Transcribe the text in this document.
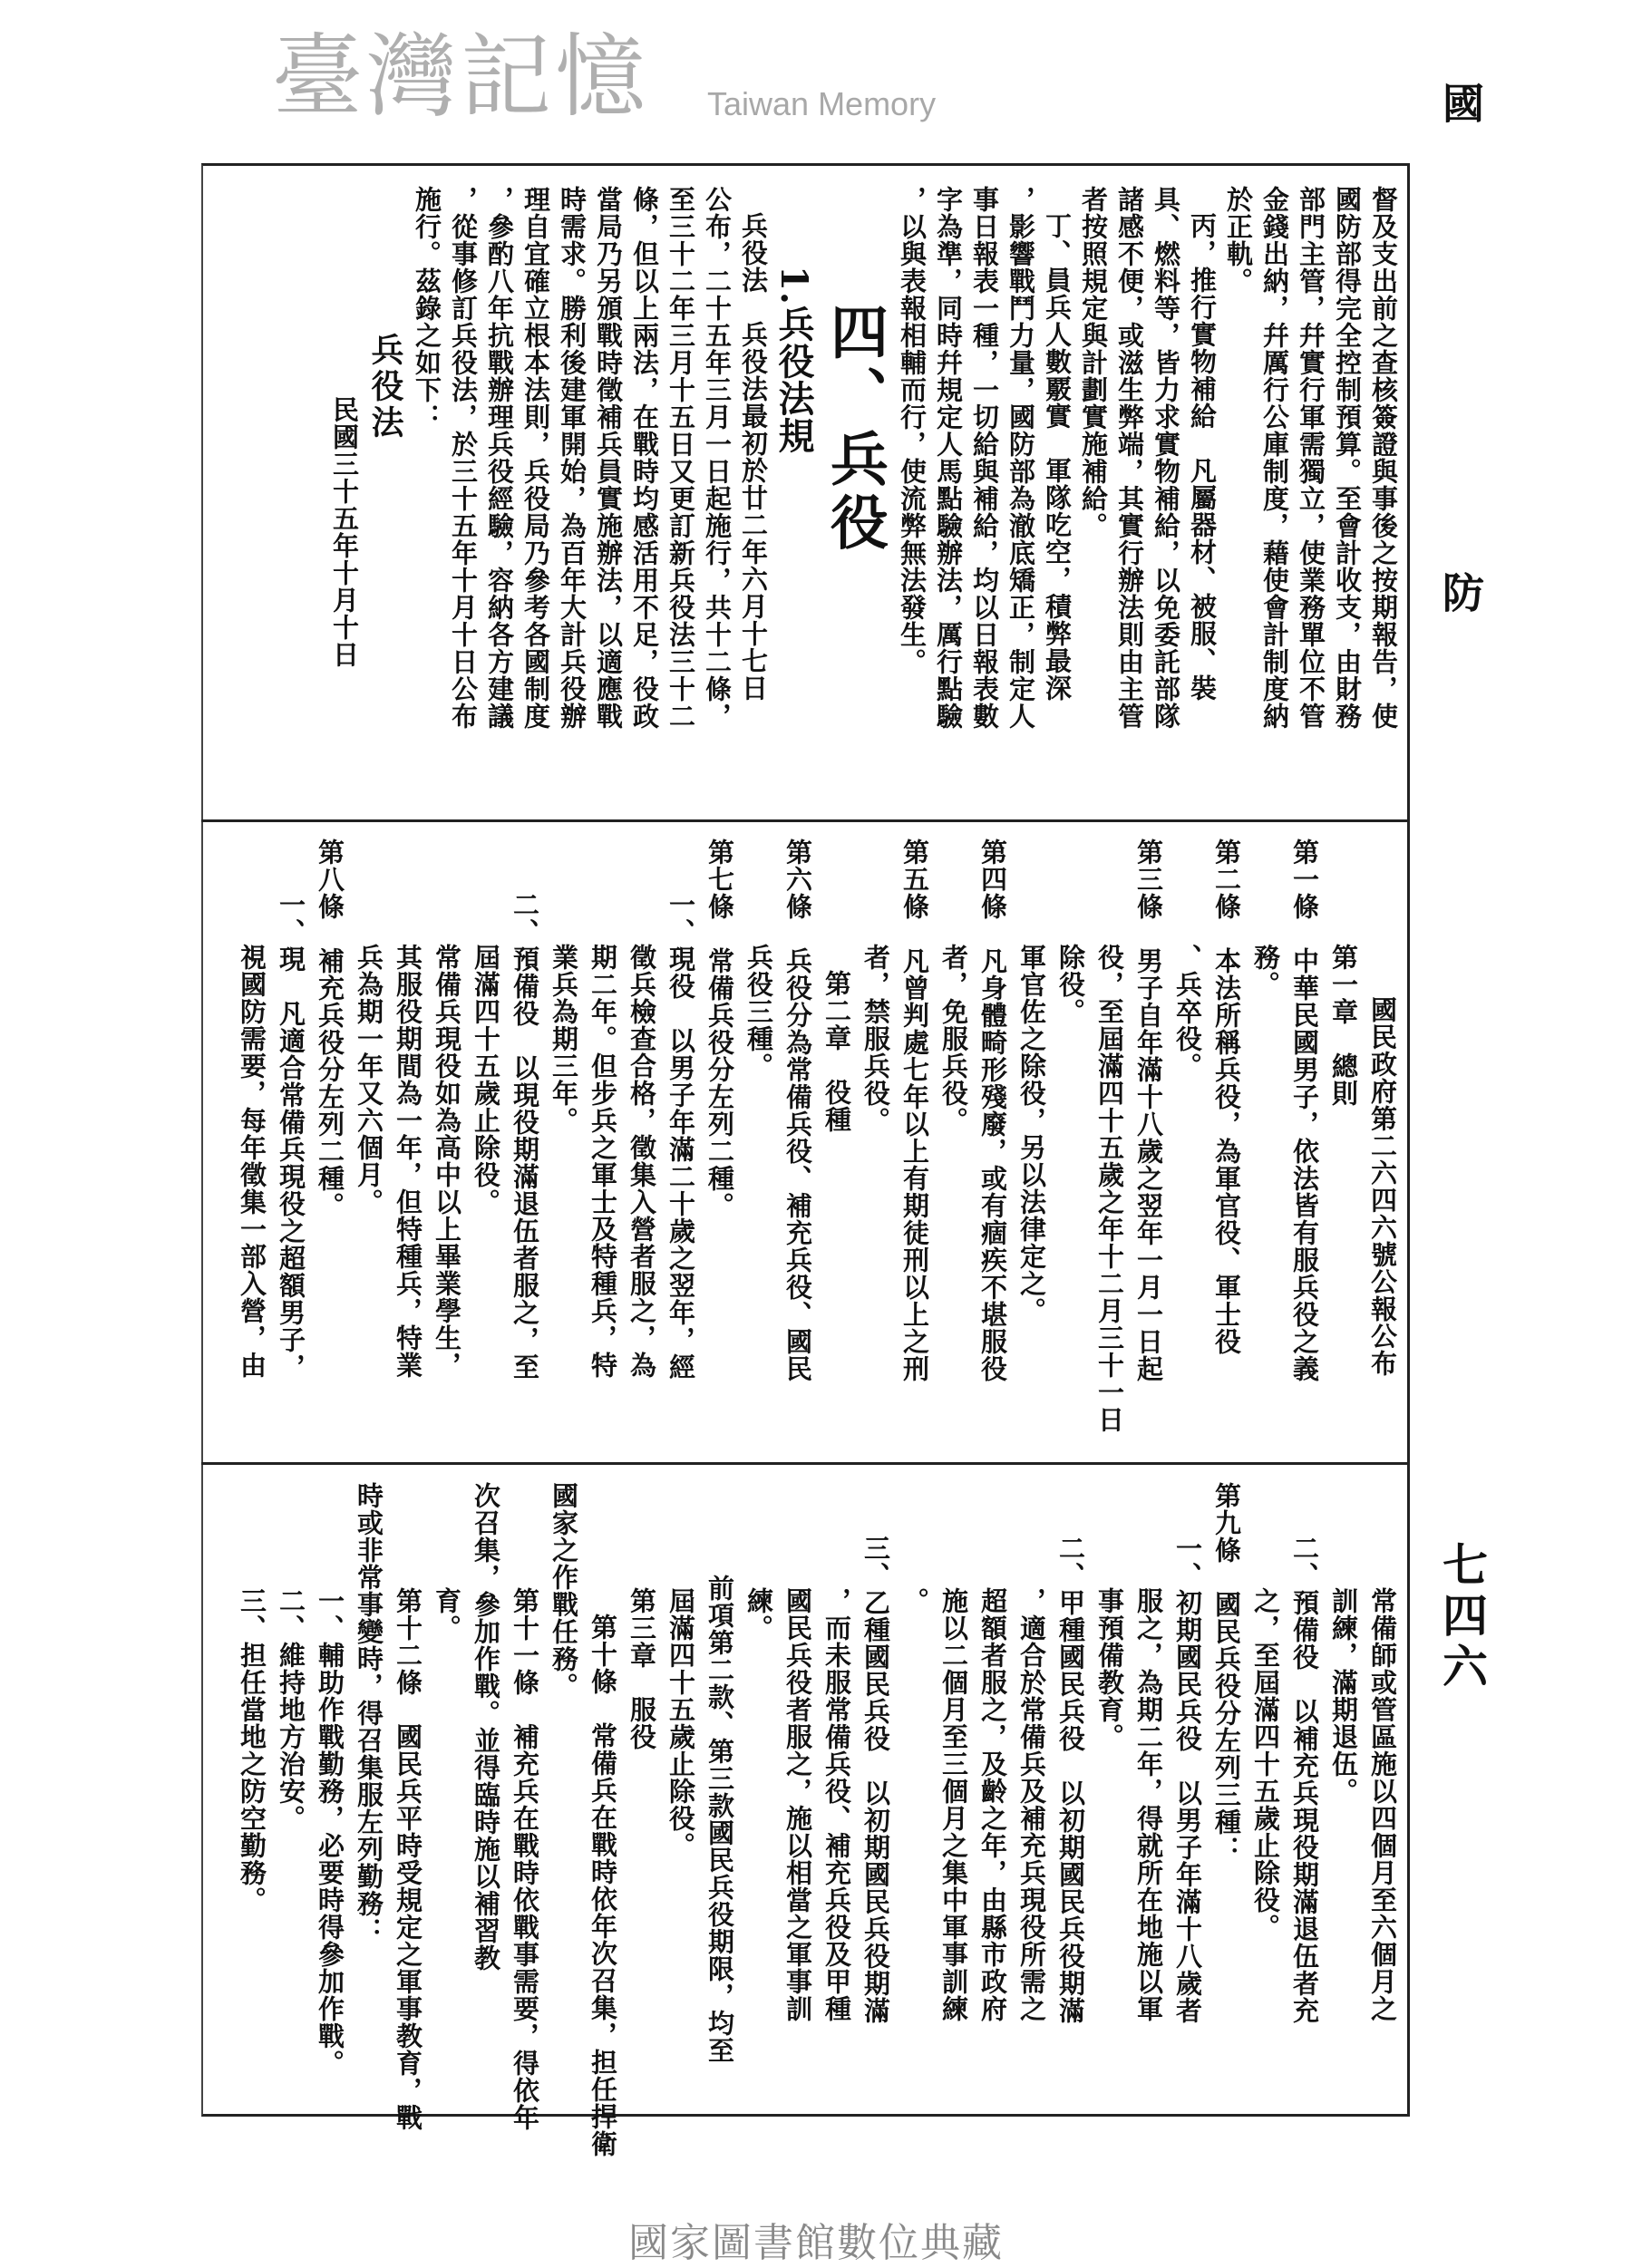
國
防
七四六
督及支出前之查核簽證與事後之按期報告，使
國防部得完全控制預算。至會計收支，由財務
部門主管，幷實行軍需獨立，使業務單位不管
金錢出納，幷厲行公庫制度，藉使會計制度納
於正軌。
丙，推行實物補給　凡屬器材、被服、裝
具、燃料等，皆力求實物補給，以免委託部隊
諸感不便，或滋生弊端，其實行辦法則由主管
者按照規定與計劃實施補給。
丁、員兵人數覈實　軍隊吃空，積弊最深
，影響戰鬥力量，國防部為澈底矯正，制定人
事日報表一種，一切給與補給，均以日報表數
字為準，同時幷規定人馬點驗辦法，厲行點驗
，以與表報相輔而行，使流弊無法發生。
四、兵役
1.兵役法規
兵役法　兵役法最初於廿二年六月十七日
公布，二十五年三月一日起施行，共十二條，
至三十二年三月十五日又更訂新兵役法三十二
條，但以上兩法，在戰時均感活用不足，役政
當局乃另頒戰時徵補兵員實施辦法，以適應戰
時需求。勝利後建軍開始，為百年大計兵役辦
理自宜確立根本法則，兵役局乃參考各國制度
，參酌八年抗戰辦理兵役經驗，容納各方建議
，從事修訂兵役法，於三十五年十月十日公布
施行。茲錄之如下：
兵役法
民國三十五年十月十日
國民政府第二六四六號公報公布
第一章　總則
第一條　中華民國男子，依法皆有服兵役之義
務。
第二條　本法所稱兵役，為軍官役、軍士役
、兵卒役。
第三條　男子自年滿十八歲之翌年一月一日起
役，至屆滿四十五歲之年十二月三十一日
除役。
軍官佐之除役，另以法律定之。
第四條　凡身體畸形殘廢，或有痼疾不堪服役
者，免服兵役。
第五條　凡曾判處七年以上有期徒刑以上之刑
者，禁服兵役。
第二章　役種
第六條　兵役分為常備兵役、補充兵役、國民
兵役三種。
第七條　常備兵役分左列二種。
一、現役　以男子年滿二十歲之翌年，經
徵兵檢查合格，徵集入營者服之，為
期二年。但步兵之軍士及特種兵，特
業兵為期三年。
二、預備役　以現役期滿退伍者服之，至
屆滿四十五歲止除役。
常備兵現役如為高中以上畢業學生，
其服役期間為一年，但特種兵，特業
兵為期一年又六個月。
第八條　補充兵役分左列二種。
一、現　凡適合常備兵現役之超額男子，
視國防需要，每年徵集一部入營，由
常備師或管區施以四個月至六個月之
訓練，滿期退伍。
二、預備役　以補充兵現役期滿退伍者充
之，至屆滿四十五歲止除役。
第九條　國民兵役分左列三種：
一、初期國民兵役　以男子年滿十八歲者
服之，為期二年，得就所在地施以軍
事預備教育。
二、甲種國民兵役　以初期國民兵役期滿
，適合於常備兵及補充兵現役所需之
超額者服之，及齡之年，由縣市政府
施以二個月至三個月之集中軍事訓練
。
三、乙種國民兵役　以初期國民兵役期滿
，而未服常備兵役、補充兵役及甲種
國民兵役者服之，施以相當之軍事訓
練。
前項第二款、第三款國民兵役期限，均至
屆滿四十五歲止除役。
第三章　服役
第十條　常備兵在戰時依年次召集，担任捍衛
國家之作戰任務。
第十一條　補充兵在戰時依戰事需要，得依年
次召集，參加作戰。並得臨時施以補習教
育。
第十二條　國民兵平時受規定之軍事教育，戰
時或非常事變時，得召集服左列勤務：
一、輔助作戰勤務，必要時得參加作戰。
二、維持地方治安。
三、担任當地之防空勤務。
臺灣記憶 Taiwan Memory
國家圖書館數位典藏
